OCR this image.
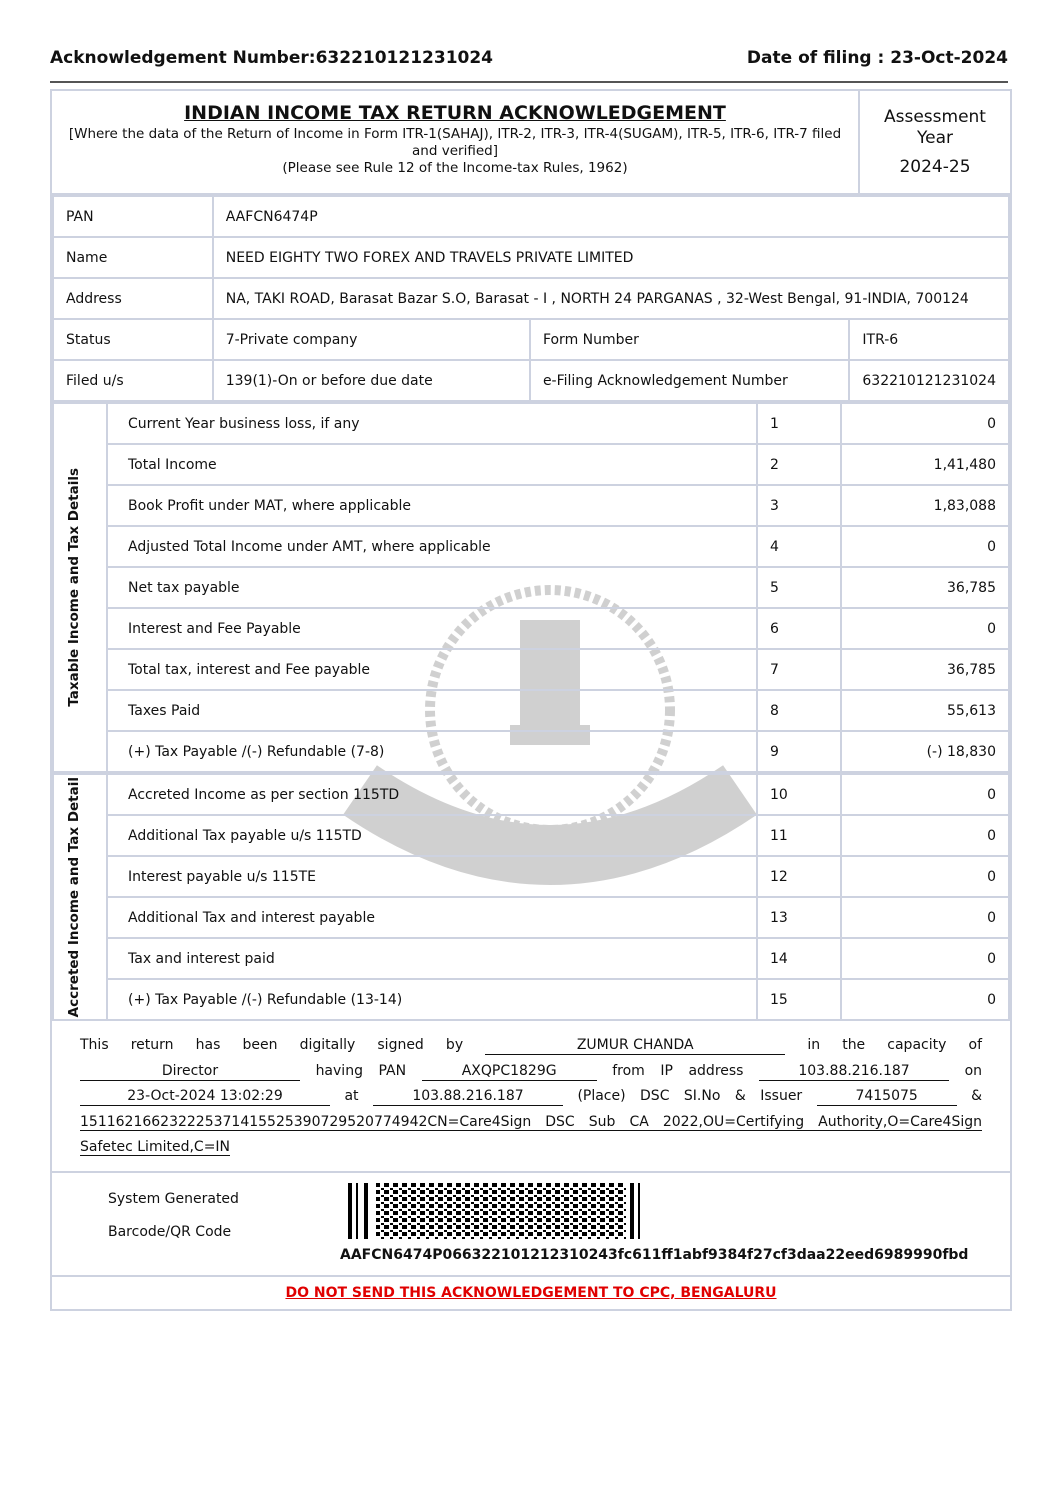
Acknowledgement Number:632210121231024	Date of filing : 23-Oct-2024
INDIAN INCOME TAX RETURN ACKNOWLEDGEMENT
[Where the data of the Return of Income in Form ITR-1(SAHAJ), ITR-2, ITR-3, ITR-4(SUGAM), ITR-5, ITR-6, ITR-7 filed and verified]
(Please see Rule 12 of the Income-tax Rules, 1962)
Assessment
Year
2024-25
PAN	AAFCN6474P		
Name	NEED EIGHTY TWO FOREX AND TRAVELS PRIVATE LIMITED		
Address	NA, TAKI ROAD, Barasat Bazar S.O, Barasat - I , NORTH 24 PARGANAS , 32-West Bengal, 91-INDIA, 700124		
Status	7-Private company	Form Number	ITR-6
Filed u/s	139(1)-On or before due date	e-Filing Acknowledgement Number	632210121231024
Taxable Income and Tax Details			

	Current Year business loss, if any	1	0
	Total Income	2	1,41,480
	Book Profit under MAT, where applicable	3	1,83,088
	Adjusted Total Income under AMT, where applicable	4	0
	Net tax payable	5	36,785
	Interest and Fee Payable	6	0
	Total tax, interest and Fee payable	7	36,785
	Taxes Paid	8	55,613
	(+) Tax Payable /(-) Refundable (7-8)	9	(-) 18,830
Accreted Income and Tax Detail			

	Accreted Income as per section 115TD	10	0
	Additional Tax payable u/s 115TD	11	0
	Interest payable u/s 115TE	12	0
	Additional Tax and interest payable	13	0
	Tax and interest paid	14	0
	(+) Tax Payable /(-) Refundable (13-14)	15	0
This return has been digitally signed by	ZUMUR CHANDA	in the capacity of Director	having PAN	AXQPC1829G	from IP address	103.88.216.187	on 23-Oct-2024 13:02:29	at	103.88.216.187	(Place) DSC SI.No & Issuer	7415075	& 151162166232225371415525390729520774942CN=Care4Sign DSC Sub CA 2022,OU=Certifying Authority,O=Care4Sign Safetec Limited,C=IN
System Generated
Barcode/QR Code
AAFCN6474P066322101212310243fc611ff1abf9384f27cf3daa22eed6989990fbd
DO NOT SEND THIS ACKNOWLEDGEMENT TO CPC, BENGALURU
